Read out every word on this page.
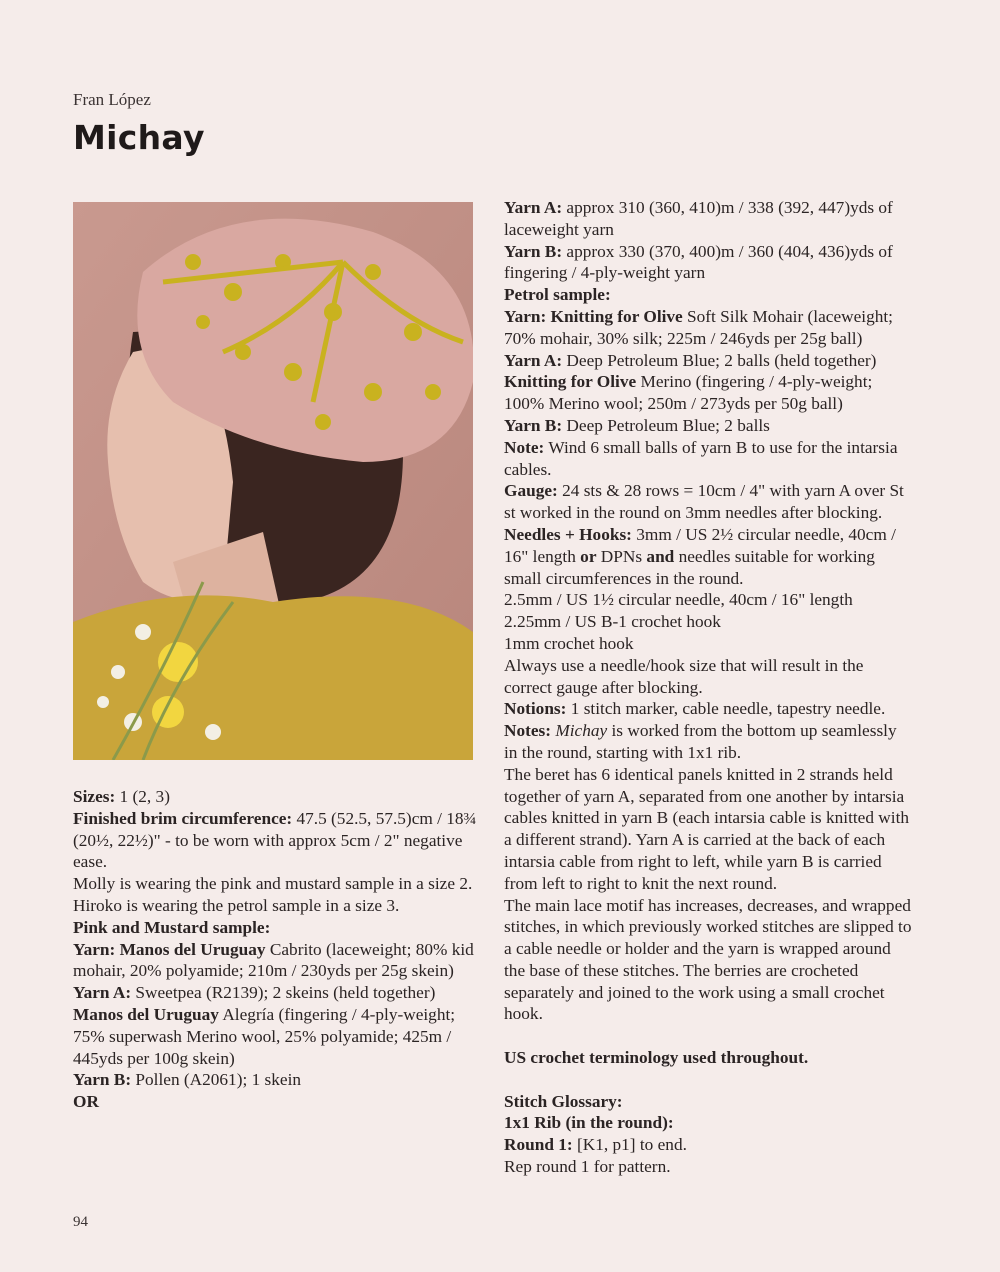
Fran López
Michay

Sizes: 1 (2, 3)

Finished brim circumference: 47.5 (52.5, 57.5)cm / 18¾ (20½, 22½)" - to be worn with approx 5cm / 2" negative ease.

Molly is wearing the pink and mustard sample in a size 2.

Hiroko is wearing the petrol sample in a size 3.

Pink and Mustard sample:

Yarn: Manos del Uruguay Cabrito (laceweight; 80% kid mohair, 20% polyamide; 210m / 230yds per 25g skein)

Yarn A: Sweetpea (R2139); 2 skeins (held together)

Manos del Uruguay Alegría (fingering / 4-ply-weight; 75% superwash Merino wool, 25% polyamide; 425m / 445yds per 100g skein)

Yarn B: Pollen (A2061); 1 skein

OR

Yarn A: approx 310 (360, 410)m / 338 (392, 447)yds of laceweight yarn

Yarn B: approx 330 (370, 400)m / 360 (404, 436)yds of fingering / 4-ply-weight yarn

Petrol sample:

Yarn: Knitting for Olive Soft Silk Mohair (laceweight; 70% mohair, 30% silk; 225m / 246yds per 25g ball)

Yarn A: Deep Petroleum Blue; 2 balls (held together)

Knitting for Olive Merino (fingering / 4-ply-weight; 100% Merino wool; 250m / 273yds per 50g ball)

Yarn B: Deep Petroleum Blue; 2 balls

Note: Wind 6 small balls of yarn B to use for the intarsia cables.

Gauge: 24 sts & 28 rows = 10cm / 4" with yarn A over St st worked in the round on 3mm needles after blocking.

Needles + Hooks: 3mm / US 2½ circular needle, 40cm / 16" length or DPNs and needles suitable for working small circumferences in the round.

2.5mm / US 1½ circular needle, 40cm / 16" length

2.25mm / US B-1 crochet hook

1mm crochet hook

Always use a needle/hook size that will result in the correct gauge after blocking.

Notions: 1 stitch marker, cable needle, tapestry needle.

Notes: Michay is worked from the bottom up seamlessly in the round, starting with 1x1 rib.

The beret has 6 identical panels knitted in 2 strands held together of yarn A, separated from one another by intarsia cables knitted in yarn B (each intarsia cable is knitted with a different strand). Yarn A is carried at the back of each intarsia cable from right to left, while yarn B is carried from left to right to knit the next round.

The main lace motif has increases, decreases, and wrapped stitches, in which previously worked stitches are slipped to a cable needle or holder and the yarn is wrapped around the base of these stitches. The berries are crocheted separately and joined to the work using a small crochet hook.

US crochet terminology used throughout.

Stitch Glossary:

1x1 Rib (in the round):

Round 1: [K1, p1] to end.

Rep round 1 for pattern.

94
